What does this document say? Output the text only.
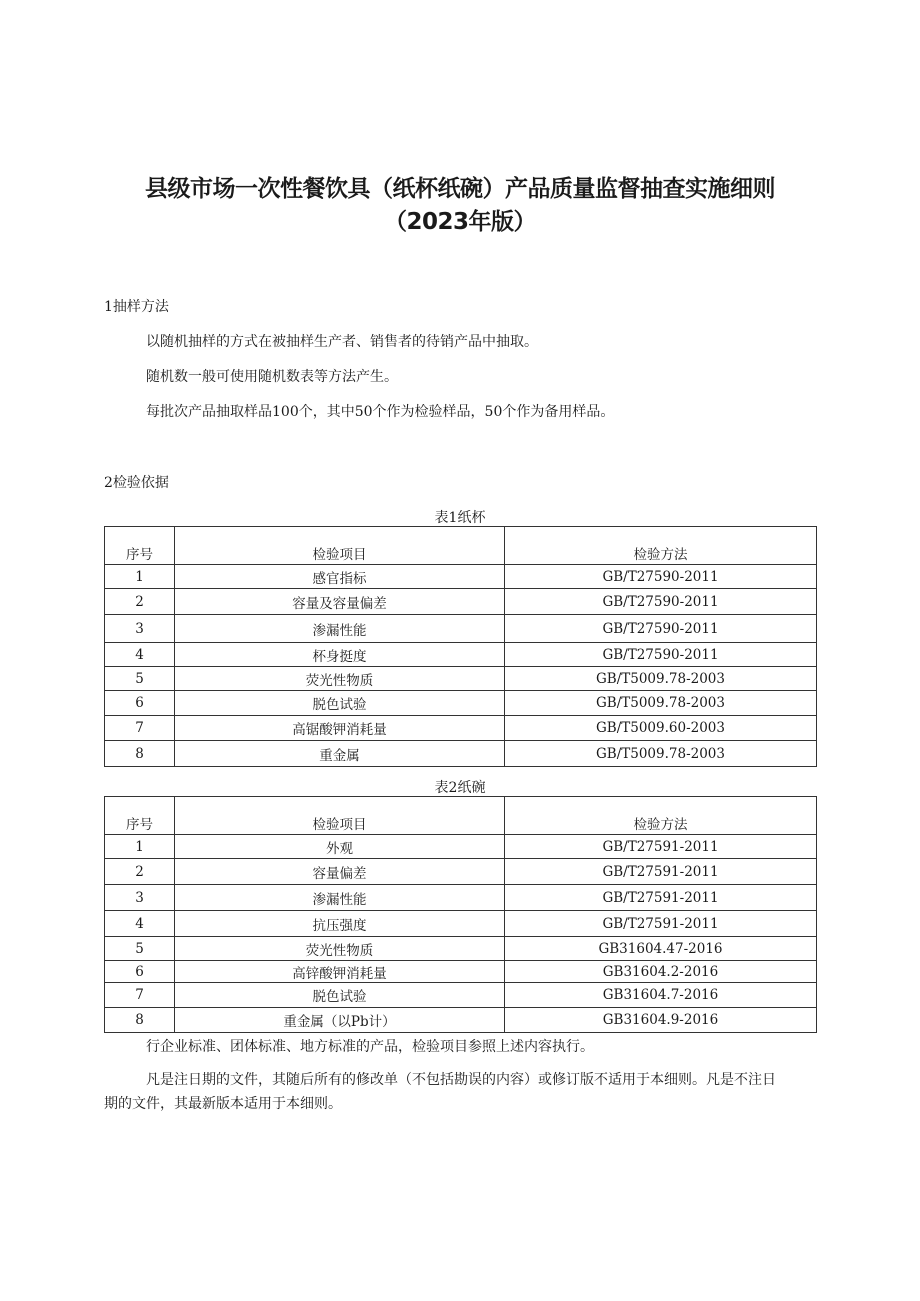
县级市场一次性餐饮具（纸杯纸碗）产品质量监督抽查实施细则
（2023年版）
1抽样方法
以随机抽样的方式在被抽样生产者、销售者的待销产品中抽取。
随机数一般可使用随机数表等方法产生。
每批次产品抽取样品100个，其中50个作为检验样品，50个作为备用样品。
2检验依据
表1纸杯
序号	检验项目	检验方法
1	感官指标	GB/T27590-2011
2	容量及容量偏差	GB/T27590-2011
3	渗漏性能	GB/T27590-2011
4	杯身挺度	GB/T27590-2011
5	荧光性物质	GB/T5009.78-2003
6	脱色试验	GB/T5009.78-2003
7	高锯酸钾消耗量	GB/T5009.60-2003
8	重金属	GB/T5009.78-2003
表2纸碗
序号	检验项目	检验方法
1	外观	GB/T27591-2011
2	容量偏差	GB/T27591-2011
3	渗漏性能	GB/T27591-2011
4	抗压强度	GB/T27591-2011
5	荧光性物质	GB31604.47-2016
6	高锌酸钾消耗量	GB31604.2-2016
7	脱色试验	GB31604.7-2016
8	重金属（以Pb计）	GB31604.9-2016
行企业标准、团体标准、地方标准的产品，检验项目参照上述内容执行。
凡是注日期的文件，其随后所有的修改单（不包括勘误的内容）或修订版不适用于本细则。凡是不注日期的文件，其最新版本适用于本细则。
